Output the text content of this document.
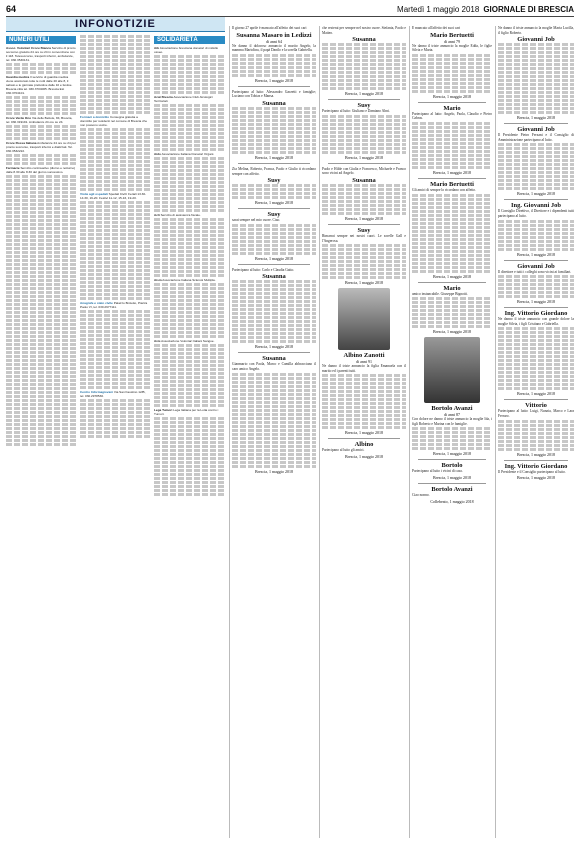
64	Martedì 1 maggio 2018 GIORNALE DI BRESCIA
INFONOTIZIE
NUMERI UTILI

Assoc. Volontari Croce Bianca Servizio di pronto soccorso gratuito 24 ore su 24 in convenzione con il 118. Telesoccorso, trasporti infermi, ambulanze, tel. 030.3530131.

Guardia medica Il servizio di guardia medica viene assicurato tutte le notti dalle 20 alle 8, il sabato e le giornate prefestive dalle 10 e festive. Brescia città tel. 030.3704005. Brescia Est 030.3704101.

Croce Verde Ono Via delle Bettole, 84, Brescia, tel. 030.319191. Ambulanze 24 ore su 24.

Croce Rossa Italiana Ambulanze 24 ore su 24 per pronto soccorso, trasporti infermi e dializzati. Tel. 030.3532222.

Farmacie Servizio continuativo (diurno e notturno) dalle 8.30 alle 8.30 del giorno successivo.

Formaci a domicilio Consegna gratuita a domicilio per residenti nel comune di Brescia che non possono uscire.

Visite agli ospedali Spedali Civili: Feriali 13.30-14.30, 19-20. Festivi 11-12, 15-16, 19-20.

Anagrafe e stato civile Palazzo Broletto, Piazza Paolo VI, tel. 030.2977111.

Centro Informagiovani Via San Faustino 12/B, tel. 030.2978530.

SOLIDARIETÀ

Aib Associazione bresciana donatori di midollo osseo.

Acat Brescia Associazione Club Alcologici Territoriali.

Aido Associazione Italiana Donatori Organi.

Acli Servizio di assistenza fiscale.

Aism Associazione Italiana Sclerosi Multipla.

Avis Associazione Volontari Italiani Sangue.

Lega Tumori Lega Italiana per la Lotta contro i Tumori.

Il giorno 27 aprile è mancato all'affetto dei suoi cari
Susanna Masaro in Ledizzi
di anni 64
Ne danno il doloroso annuncio il marito Angelo, la mamma Mariolina, il papà Danilo e la sorella Gabriella.
Brescia, 1 maggio 2018
Partecipano al lutto: Alessandro Garzetti e famiglie; Luciano con Tobias e Mansa.
Susanna
Brescia, 1 maggio 2018
Zia Melina, Roberto, Franca, Paolo e Giulio ti ricordano sempre con affetto.
Susy
Brescia, 1 maggio 2018
Susy
sarai sempre nel mio cuore. Ciao.
Brescia, 1 maggio 2018
Partecipano al lutto: Carlo e Claudia Gatto.
Susanna
Brescia, 1 maggio 2018
Susanna
Gianmario con Paola, Marco e Camilla abbracciano il caro amico Angelo.
Brescia, 1 maggio 2018
che resterai per sempre nel nostro cuore. Stefania, Paolo e Matteo.
Susanna
Brescia, 1 maggio 2018
Susy
Partecipano al lutto: Giuliano e Damiano Ahni.
Brescia, 1 maggio 2018
Paolo e Hilde con Giulia e Francesco, Michaele e Franco sono vicini ad Angelo.
Susanna
Brescia, 1 maggio 2018
Susy
Rimarrai sempre nei nostri cuori. Le sorelle Gall e l'Angerosa.
Brescia, 1 maggio 2018
Albino Zanotti
di anni 91
Ne danno il triste annuncio la figlia Emanuela con il marito ed i parenti tutti.
Brescia, 1 maggio 2018
Albino
Partecipano al lutto gli amici.
Brescia, 1 maggio 2018
È mancato all'affetto dei suoi cari
Mario Bertuetti
di anni 79
Ne danno il triste annuncio la moglie Edda, le figlie Silvia e Marta.
Brescia, 1 maggio 2018
Mario
Partecipano al lutto: Angelo, Paola, Claudio e Pietro Cabras.
Brescia, 1 maggio 2018
Mario Bertuetti
Gli amici di sempre lo ricordano con affetto.
Brescia, 1 maggio 2018
Mario
amico instancabile. Giuseppe Bignotti.
Brescia, 1 maggio 2018
Bortolo Avanzi
di anni 87
Con dolore ne danno il triste annuncio la moglie Ida, i figli Roberto e Marina con le famiglie.
Brescia, 1 maggio 2018
Bortolo
Partecipano al lutto i vicini di casa.
Brescia, 1 maggio 2018
Bortolo Avanzi
Ciao nonno.
Collebeato, 1 maggio 2018
Ne danno il triste annuncio la moglie Maria Lucilla, il figlio Roberto.
Giovanni Job
Brescia, 1 maggio 2018
Giovanni Job
Il Presidente Pietro Ferzani e il Consiglio di Amministrazione partecipano al lutto.
Brescia, 1 maggio 2018
Ing. Giovanni Job
Il Consiglio Direttivo, il Direttore e i dipendenti tutti partecipano al lutto.
Brescia, 1 maggio 2018
Giovanni Job
Il direttore e tutti i colleghi sono vicini ai familiari.
Brescia, 1 maggio 2018
Ing. Vittorio Giordano
Ne danno il triste annuncio con grande dolore la moglie Silvia, i figli Cristiano e Gabriella.
Brescia, 1 maggio 2018
Vittorio
Partecipano al lutto: Luigi, Nunzia, Marco e Lara Ferraro.
Brescia, 1 maggio 2018
Ing. Vittorio Giordano
Il Presidente e il Consiglio partecipano al lutto.
Brescia, 1 maggio 2018
